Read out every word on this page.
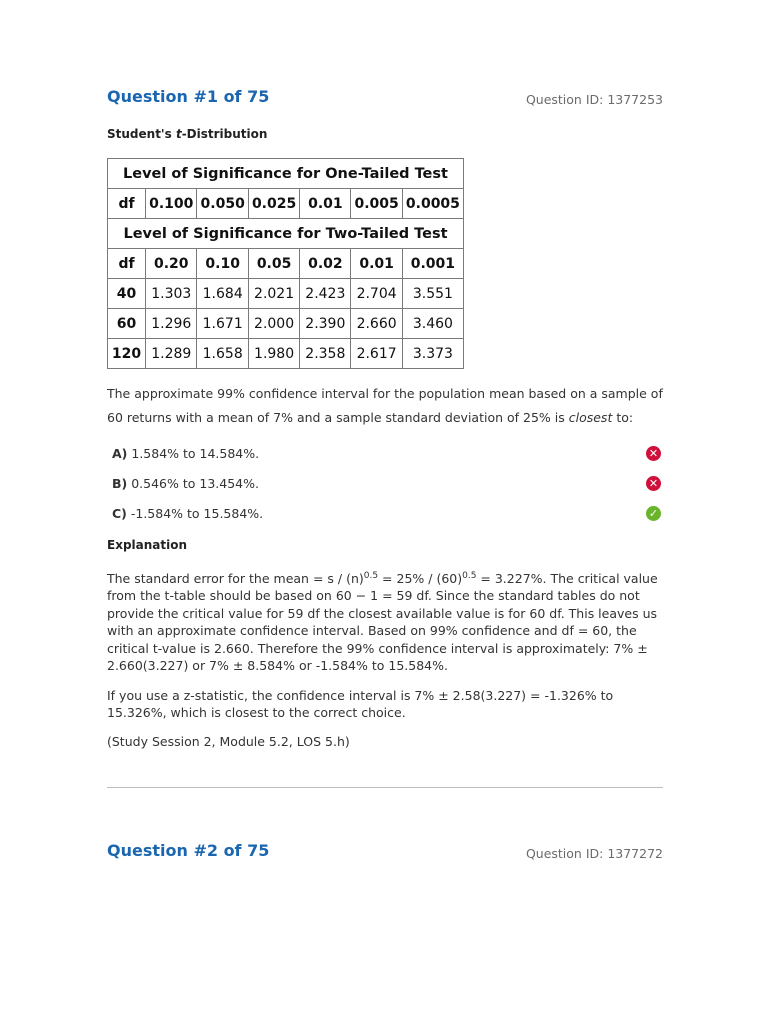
Question #1 of 75	Question ID: 1377253
Student's t-Distribution
Level of Significance for One-Tailed Test						
df	0.100	0.050	0.025	0.01	0.005	0.0005
Level of Significance for Two-Tailed Test						
df	0.20	0.10	0.05	0.02	0.01	0.001
40	1.303	1.684	2.021	2.423	2.704	3.551
60	1.296	1.671	2.000	2.390	2.660	3.460
120	1.289	1.658	1.980	2.358	2.617	3.373
The approximate 99% confidence interval for the population mean based on a sample of 60 returns with a mean of 7% and a sample standard deviation of 25% is closest to:
A) 1.584% to 14.584%.	✕
B) 0.546% to 13.454%.	✕
C) -1.584% to 15.584%.	✓
Explanation
The standard error for the mean = $s / (n)^{0.5} = 25\% / (60)^{0.5} = 3.227\%$. The critical value from the t-table should be based on 60 − 1 = 59 df. Since the standard tables do not provide the critical value for 59 df the closest available value is for 60 df. This leaves us with an approximate confidence interval. Based on 99% confidence and df = 60, the critical t-value is 2.660. Therefore the 99% confidence interval is approximately: 7% ± 2.660(3.227) or 7% ± 8.584% or -1.584% to 15.584%.
If you use a z-statistic, the confidence interval is 7% ± 2.58(3.227) = -1.326% to 15.326%, which is closest to the correct choice.
(Study Session 2, Module 5.2, LOS 5.h)
Question #2 of 75	Question ID: 1377272
